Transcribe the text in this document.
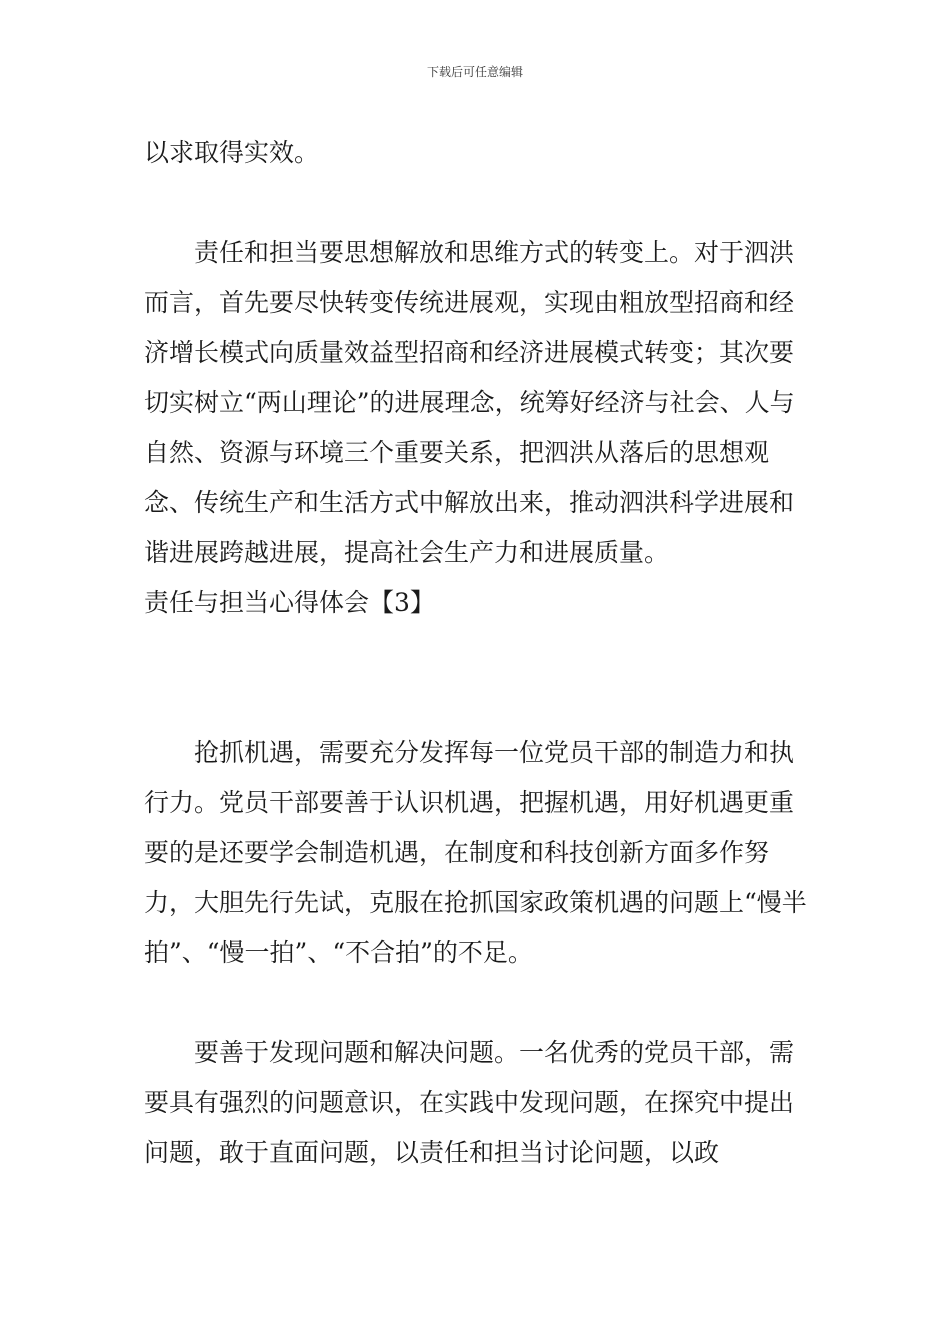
下载后可任意编辑

以求取得实效。

责任和担当要思想解放和思维方式的转变上。对于泗洪而言，首先要尽快转变传统进展观，实现由粗放型招商和经济增长模式向质量效益型招商和经济进展模式转变；其次要切实树立“两山理论”的进展理念，统筹好经济与社会、人与自然、资源与环境三个重要关系，把泗洪从落后的思想观念、传统生产和生活方式中解放出来，推动泗洪科学进展和谐进展跨越进展，提高社会生产力和进展质量。

责任与担当心得体会【3】

抢抓机遇，需要充分发挥每一位党员干部的制造力和执行力。党员干部要善于认识机遇，把握机遇，用好机遇更重要的是还要学会制造机遇，在制度和科技创新方面多作努力，大胆先行先试，克服在抢抓国家政策机遇的问题上“慢半拍”、“慢一拍”、“不合拍”的不足。

要善于发现问题和解决问题。一名优秀的党员干部，需要具有强烈的问题意识，在实践中发现问题，在探究中提出问题，敢于直面问题，以责任和担当讨论问题，以政
